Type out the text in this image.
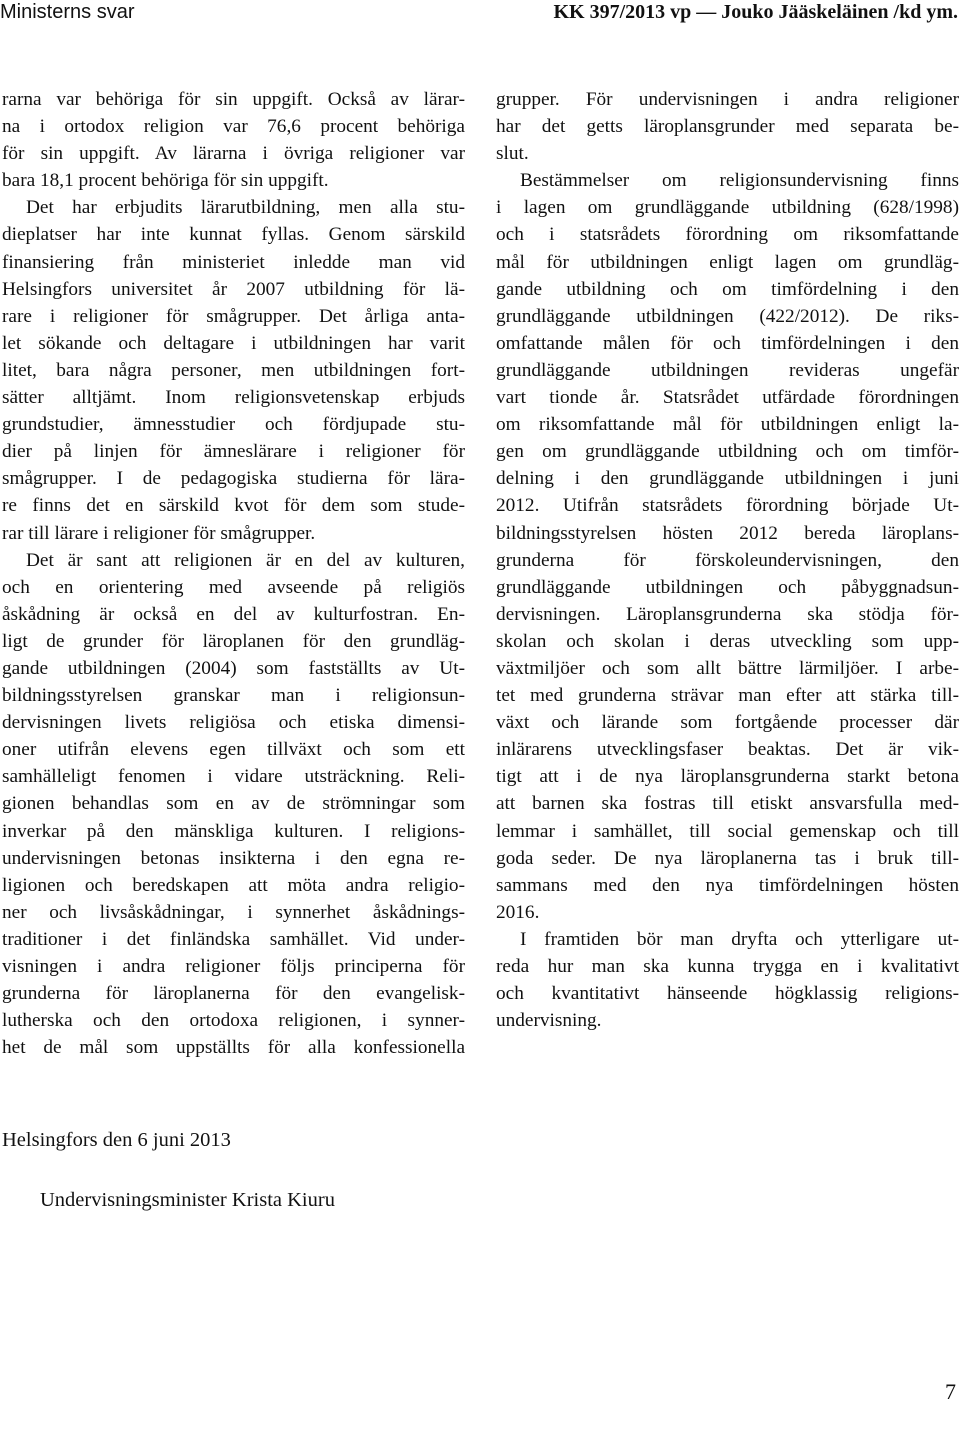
Ministerns svar	KK 397/2013 vp — Jouko Jääskeläinen /kd ym.
rarna var behöriga för sin uppgift. Också av lärar-
na i ortodox religion var 76,6 procent behöriga
för sin uppgift. Av lärarna i övriga religioner var
bara 18,1 procent behöriga för sin uppgift.
Det har erbjudits lärarutbildning, men alla stu-
dieplatser har inte kunnat fyllas. Genom särskild
finansiering från ministeriet inledde man vid
Helsingfors universitet år 2007 utbildning för lä-
rare i religioner för smågrupper. Det årliga anta-
let sökande och deltagare i utbildningen har varit
litet, bara några personer, men utbildningen fort-
sätter alltjämt. Inom religionsvetenskap erbjuds
grundstudier, ämnesstudier och fördjupade stu-
dier på linjen för ämneslärare i religioner för
smågrupper. I de pedagogiska studierna för lära-
re finns det en särskild kvot för dem som stude-
rar till lärare i religioner för smågrupper.
Det är sant att religionen är en del av kulturen,
och en orientering med avseende på religiös
åskådning är också en del av kulturfostran. En-
ligt de grunder för läroplanen för den grundläg-
gande utbildningen (2004) som fastställts av Ut-
bildningsstyrelsen granskar man i religionsun-
dervisningen livets religiösa och etiska dimensi-
oner utifrån elevens egen tillväxt och som ett
samhälleligt fenomen i vidare utsträckning. Reli-
gionen behandlas som en av de strömningar som
inverkar på den mänskliga kulturen. I religions-
undervisningen betonas insikterna i den egna re-
ligionen och beredskapen att möta andra religio-
ner och livsåskådningar, i synnerhet åskådnings-
traditioner i det finländska samhället. Vid under-
visningen i andra religioner följs principerna för
grunderna för läroplanerna för den evangelisk-
lutherska och den ortodoxa religionen, i synner-
het de mål som uppställts för alla konfessionella
grupper. För undervisningen i andra religioner
har det getts läroplansgrunder med separata be-
slut.
Bestämmelser om religionsundervisning finns
i lagen om grundläggande utbildning (628/1998)
och i statsrådets förordning om riksomfattande
mål för utbildningen enligt lagen om grundläg-
gande utbildning och om timfördelning i den
grundläggande utbildningen (422/2012). De riks-
omfattande målen för och timfördelningen i den
grundläggande utbildningen revideras ungefär
vart tionde år. Statsrådet utfärdade förordningen
om riksomfattande mål för utbildningen enligt la-
gen om grundläggande utbildning och om timför-
delning i den grundläggande utbildningen i juni
2012. Utifrån statsrådets förordning började Ut-
bildningsstyrelsen hösten 2012 bereda läroplans-
grunderna för förskoleundervisningen, den
grundläggande utbildningen och påbyggnadsun-
dervisningen. Läroplansgrunderna ska stödja för-
skolan och skolan i deras utveckling som upp-
växtmiljöer och som allt bättre lärmiljöer. I arbe-
tet med grunderna strävar man efter att stärka till-
växt och lärande som fortgående processer där
inlärarens utvecklingsfaser beaktas. Det är vik-
tigt att i de nya läroplansgrunderna starkt betona
att barnen ska fostras till etiskt ansvarsfulla med-
lemmar i samhället, till social gemenskap och till
goda seder. De nya läroplanerna tas i bruk till-
sammans med den nya timfördelningen hösten
2016.
I framtiden bör man dryfta och ytterligare ut-
reda hur man ska kunna trygga en i kvalitativt
och kvantitativt hänseende högklassig religions-
undervisning.
Helsingfors den 6 juni 2013
Undervisningsminister Krista Kiuru
7
